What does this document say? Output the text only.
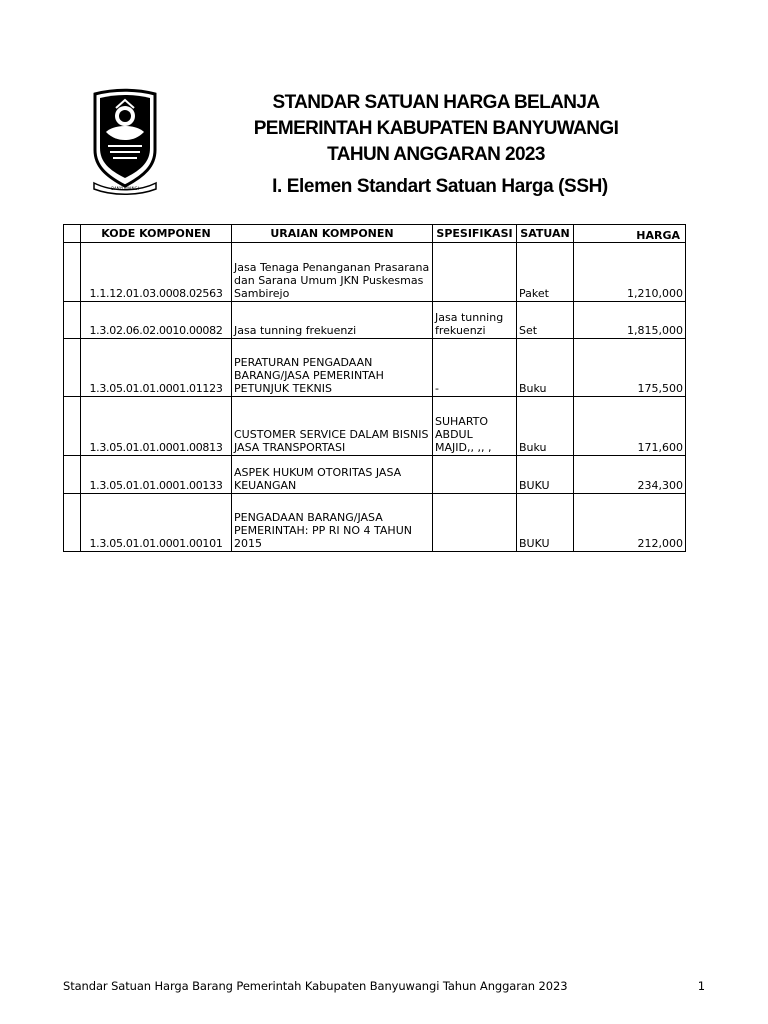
BANYUWANGI
STANDAR SATUAN HARGA BELANJA
PEMERINTAH KABUPATEN BANYUWANGI
TAHUN ANGGARAN 2023
I. Elemen Standart Satuan Harga (SSH)
	KODE KOMPONEN	URAIAN KOMPONEN	SPESIFIKASI	SATUAN	HARGA
	1.1.12.01.03.0008.02563	Jasa Tenaga Penanganan Prasarana dan Sarana Umum JKN Puskesmas Sambirejo		Paket	1,210,000
	1.3.02.06.02.0010.00082	Jasa tunning frekuenzi	Jasa tunning frekuenzi	Set	1,815,000
	1.3.05.01.01.0001.01123	PERATURAN PENGADAAN BARANG/JASA PEMERINTAH PETUNJUK TEKNIS	-	Buku	175,500
	1.3.05.01.01.0001.00813	CUSTOMER SERVICE DALAM BISNIS JASA TRANSPORTASI	SUHARTO ABDUL MAJID,, ,, ,	Buku	171,600
	1.3.05.01.01.0001.00133	ASPEK HUKUM OTORITAS JASA KEUANGAN		BUKU	234,300
	1.3.05.01.01.0001.00101	PENGADAAN BARANG/JASA PEMERINTAH: PP RI NO 4 TAHUN 2015		BUKU	212,000
Standar Satuan Harga Barang Pemerintah Kabupaten Banyuwangi Tahun Anggaran 2023	1
